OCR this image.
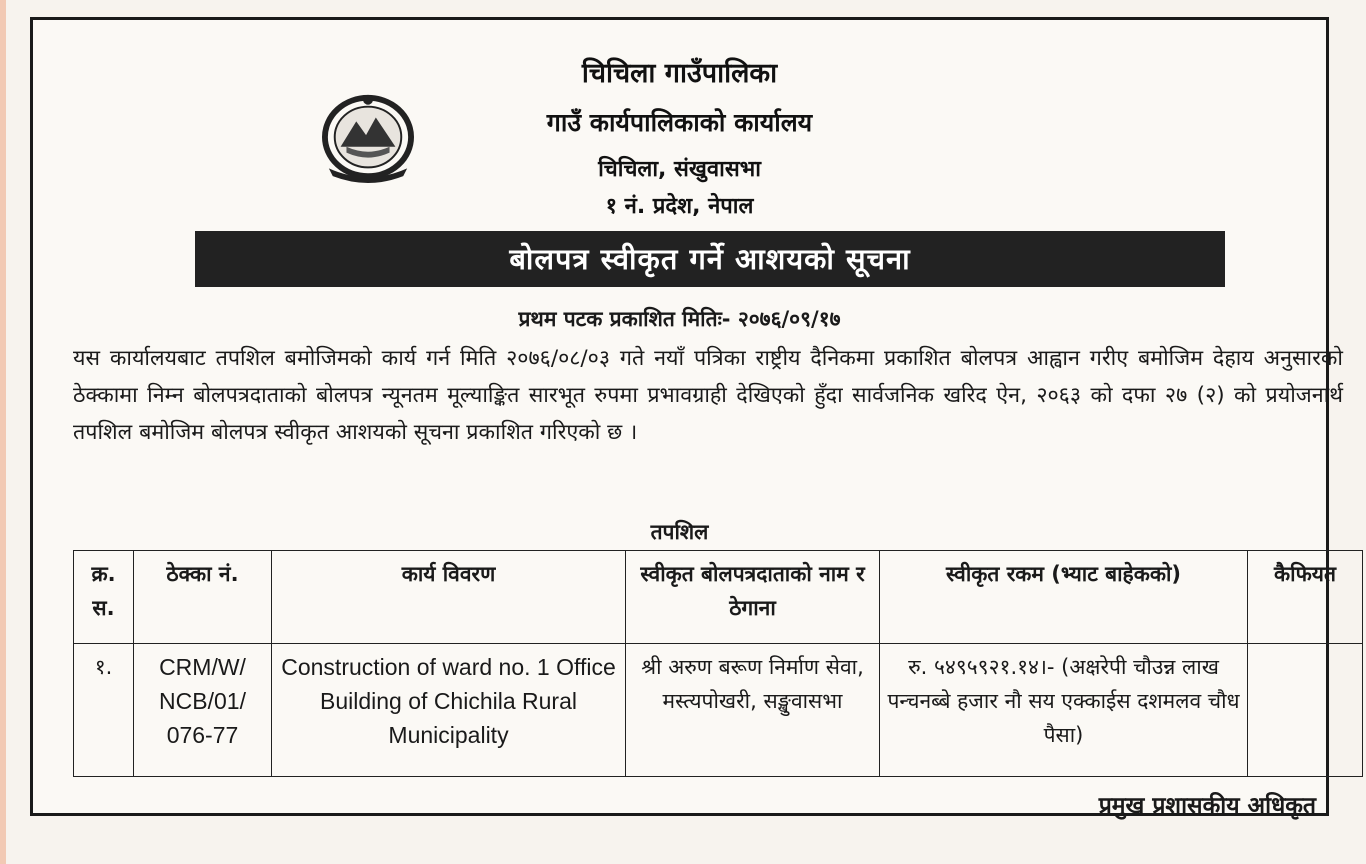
चिचिला गाउँपालिका
गाउँ कार्यपालिकाको कार्यालय
चिचिला, संखुवासभा
१ नं. प्रदेश, नेपाल
बोलपत्र स्वीकृत गर्ने आशयको सूचना
प्रथम पटक प्रकाशित मितिः- २०७६/०९/१७

यस कार्यालयबाट तपशिल बमोजिमको कार्य गर्न मिति २०७६/०८/०३ गते नयाँ पत्रिका राष्ट्रीय दैनिकमा प्रकाशित बोलपत्र आह्वान गरीए बमोजिम देहाय अनुसारको ठेक्कामा निम्न बोलपत्रदाताको बोलपत्र न्यूनतम मूल्याङ्कित सारभूत रुपमा प्रभावग्राही देखिएको हुँदा सार्वजनिक खरिद ऐन, २०६३ को दफा २७ (२) को प्रयोजनार्थ तपशिल बमोजिम बोलपत्र स्वीकृत आशयको सूचना प्रकाशित गरिएको छ ।

तपशिल
क्र. स.	ठेक्का नं.	कार्य विवरण	स्वीकृत बोलपत्रदाताको नाम र ठेगाना	स्वीकृत रकम (भ्याट बाहेकको)	कैफियत
१.	CRM/W/ NCB/01/ 076-77	Construction of ward no. 1 Office Building of Chichila Rural Municipality	श्री अरुण बरूण निर्माण सेवा, मस्त्यपोखरी, सङ्खुवासभा	रु. ५४९५९२१.१४।- (अक्षरेपी चौउन्न लाख पन्चनब्बे हजार नौ सय एक्काईस दशमलव चौध पैसा)	
प्रमुख प्रशासकीय अधिकृत
